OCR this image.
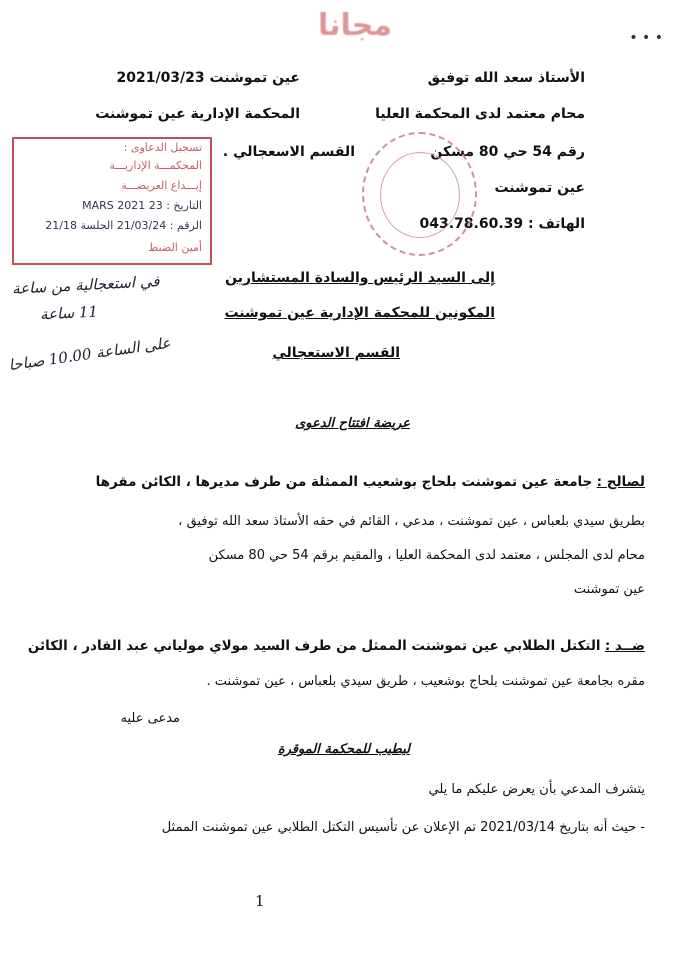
• • •
مجانا
الأستاذ سعد الله توفيق
محام معتمد لدى المحكمة العليا
رقم 54 حي 80 مسكن
عين تموشنت
الهاتف : 043.78.60.39
عين تموشنت 2021/03/23
المحكمة الإدارية عين تموشنت
القسم الاسعجالي .
تسجيل الدعاوى :
المحكمـــة الإداريـــة
إيـــداع العريضـــة
التاريخ : 23 MARS 2021
الرقم : 21/03/24 الجلسة 21/18
أمين الضبط
إلى السيد الرئيس والسادة المستشارين
المكونين للمحكمة الإدارية عين تموشنت
القسم الاستعجالي
في استعجالية من ساعة
11 ساعة
على الساعة 10.00 صباحا
عريضة افتتاح الدعوى
لصالح : جامعة عين تموشنت بلحاج بوشعيب الممثلة من طرف مديرها ، الكائن مقرها
بطريق سيدي بلعباس ، عين تموشنت ، مدعي ، القائم في حقه الأستاذ سعد الله توفيق ،
محام لدى المجلس ، معتمد لدى المحكمة العليا ، والمقيم برقم 54 حي 80 مسكن
عين تموشنت
ضــد : التكتل الطلابي عين تموشنت الممثل من طرف السيد مولاي مولياني عبد القادر ، الكائن
مقره بجامعة عين تموشنت بلحاج بوشعيب ، طريق سيدي بلعباس ، عين تموشنت .
مدعى عليه
ليطيب للمحكمة الموقرة
يتشرف المدعي بأن يعرض عليكم ما يلي
- حيث أنه بتاريخ 2021/03/14 تم الإعلان عن تأسيس التكتل الطلابي عين تموشنت الممثل
1
